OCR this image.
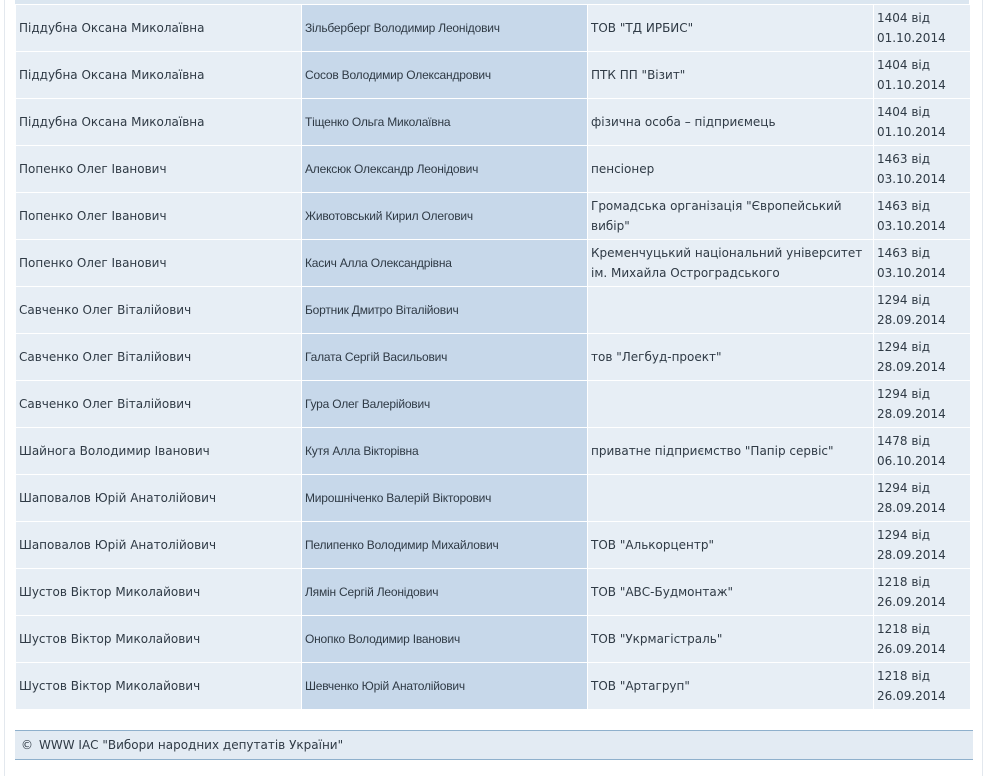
Піддубна Оксана Миколаївна	Зільберберг Володимир Леонідович	ТОВ "ТД ИРБИС"	1404 від 01.10.2014
Піддубна Оксана Миколаївна	Сосов Володимир Олександрович	ПТК ПП "Візит"	1404 від 01.10.2014
Піддубна Оксана Миколаївна	Тіщенко Ольга Миколаївна	фізична особа – підприємець	1404 від 01.10.2014
Попенко Олег Іванович	Алексюк Олександр Леонідович	пенсіонер	1463 від 03.10.2014
Попенко Олег Іванович	Животовський Кирил Олегович	Громадська організація "Європейський вибір"	1463 від 03.10.2014
Попенко Олег Іванович	Касич Алла Олександрівна	Кременчуцький національний університет ім. Михайла Остроградського	1463 від 03.10.2014
Савченко Олег Віталійович	Бортник Дмитро Віталійович		1294 від 28.09.2014
Савченко Олег Віталійович	Галата Сергій Васильович	тов "Легбуд-проект"	1294 від 28.09.2014
Савченко Олег Віталійович	Гура Олег Валерійович		1294 від 28.09.2014
Шайнога Володимир Іванович	Кутя Алла Вікторівна	приватне підприємство "Папір сервіс"	1478 від 06.10.2014
Шаповалов Юрій Анатолійович	Мирошніченко Валерій Вікторович		1294 від 28.09.2014
Шаповалов Юрій Анатолійович	Пелипенко Володимир Михайлович	ТОВ "Алькорцентр"	1294 від 28.09.2014
Шустов Віктор Миколайович	Лямін Сергій Леонідович	ТОВ "АВС-Будмонтаж"	1218 від 26.09.2014
Шустов Віктор Миколайович	Онопко Володимир Іванович	ТОВ "Укрмагістраль"	1218 від 26.09.2014
Шустов Віктор Миколайович	Шевченко Юрій Анатолійович	ТОВ "Артагруп"	1218 від 26.09.2014
© WWW ІАС "Вибори народних депутатів України"
